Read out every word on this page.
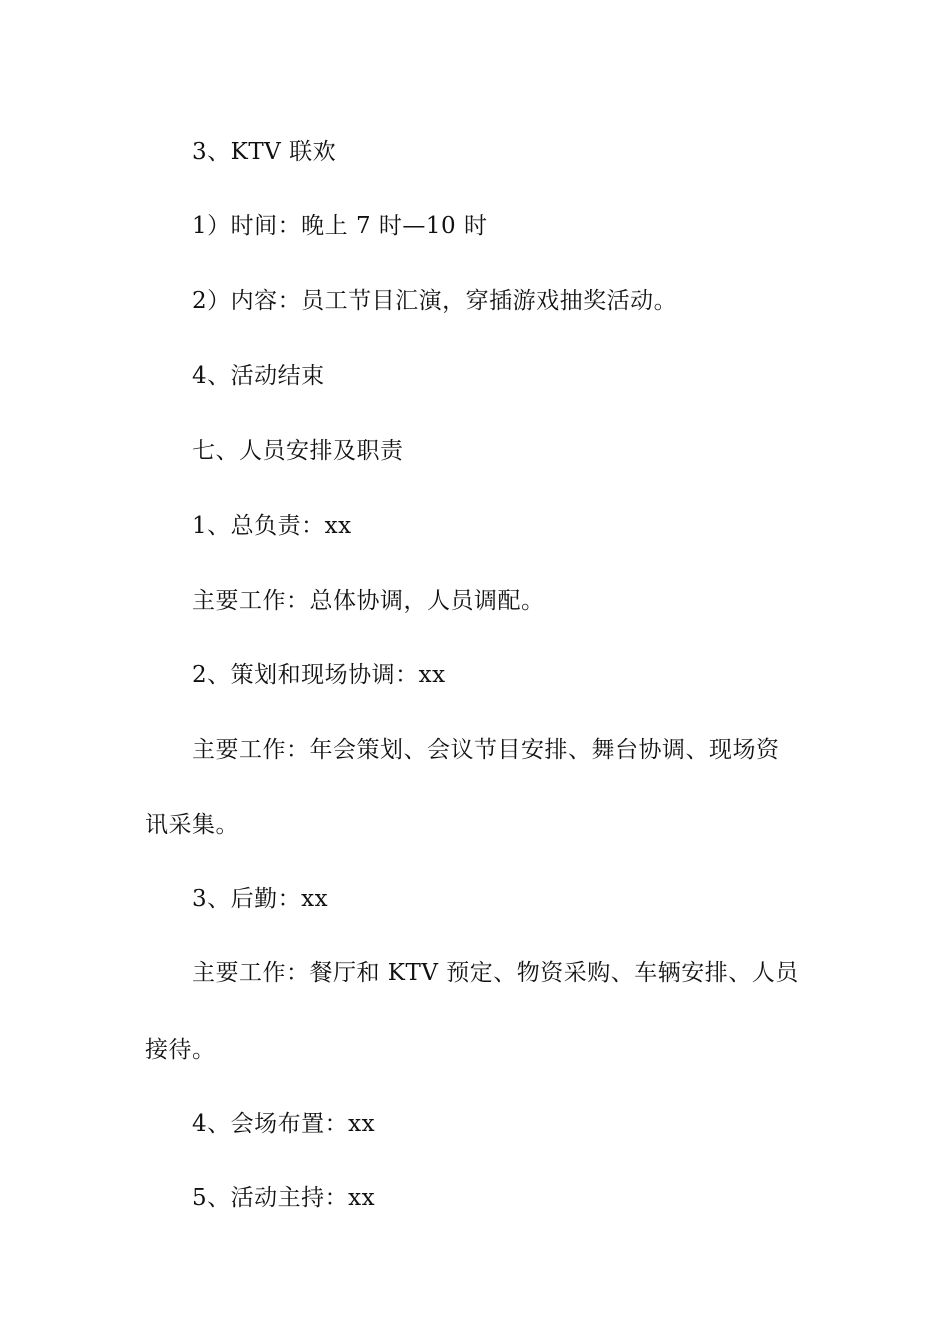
3、KTV 联欢
1）时间：晚上 7 时—10 时
2）内容：员工节目汇演，穿插游戏抽奖活动。
4、活动结束
七、人员安排及职责
1、总负责：xx
主要工作：总体协调，人员调配。
2、策划和现场协调：xx
主要工作：年会策划、会议节目安排、舞台协调、现场资
讯采集。
3、后勤：xx
主要工作：餐厅和 KTV 预定、物资采购、车辆安排、人员
接待。
4、会场布置：xx
5、活动主持：xx
